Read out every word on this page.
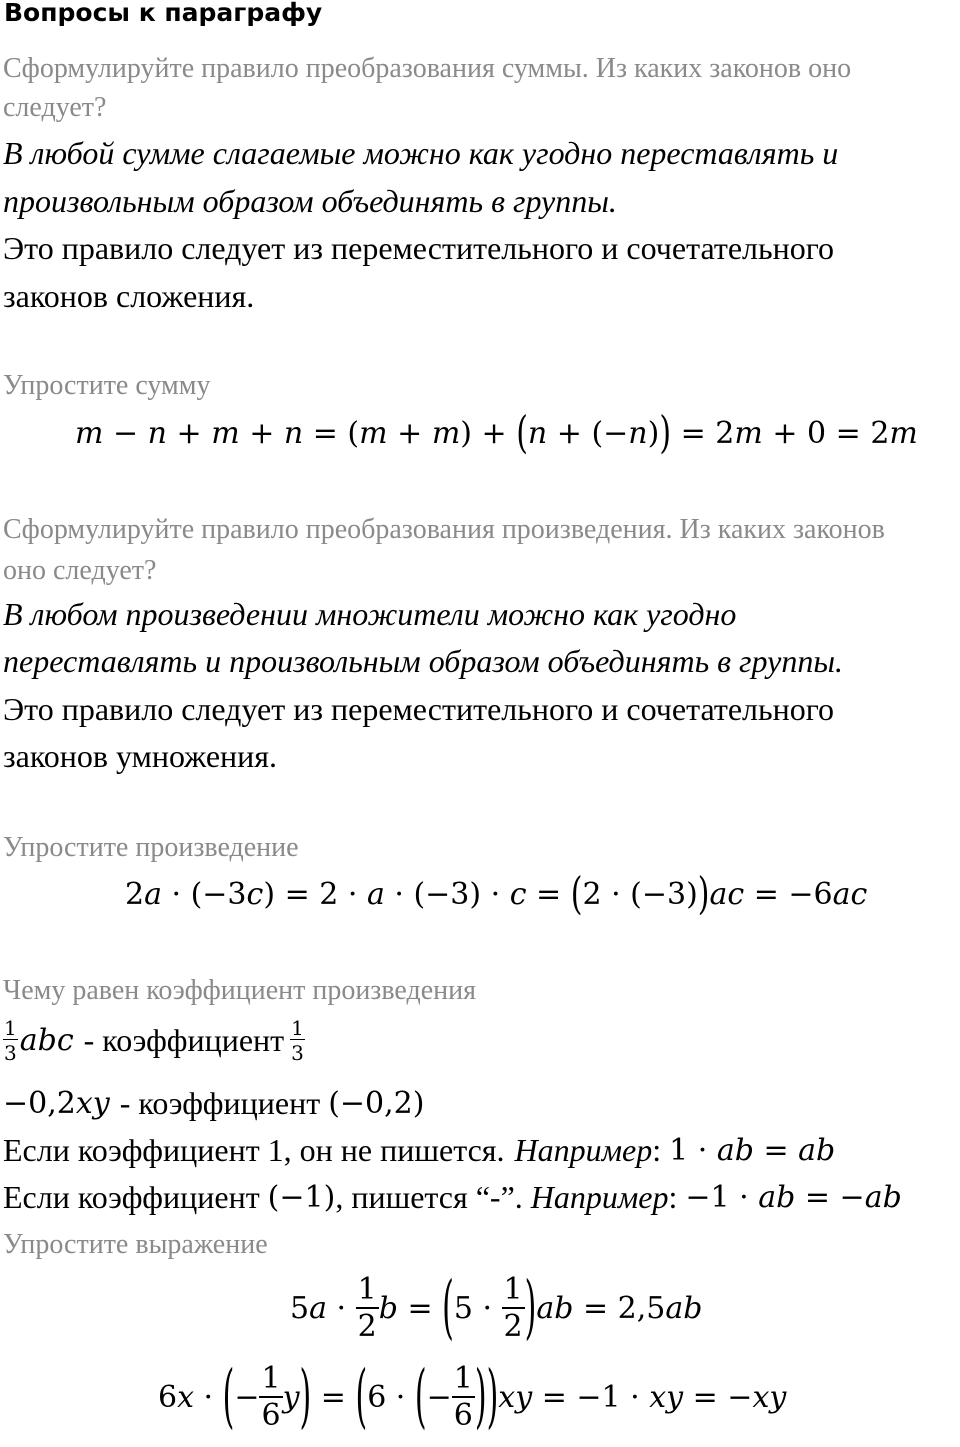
Вопросы к параграфу
Сформулируйте правило преобразования суммы. Из каких законов оно
следует?
В любой сумме слагаемые можно как угодно переставлять и
произвольным образом объединять в группы.
Это правило следует из переместительного и сочетательного
законов сложения.
Упростите сумму
m − n + m + n = ( m + m ) + ( n + (− n ) ) = 2 m + 0 = 2 m
Сформулируйте правило преобразования произведения. Из каких законов
оно следует?
В любом произведении множители можно как угодно
переставлять и произвольным образом объединять в группы.
Это правило следует из переместительного и сочетательного
законов умножения.
Упростите произведение
2 a · (−3 c ) = 2 · a · (−3) · c = ( 2 · (−3) ) ac = −6 ac
Чему равен коэффициент произведения
$\frac{1}{3}$ abc - коэффициент $\frac{1}{3}$
−0,2xy - коэффициент (−0,2)
Если коэффициент 1, он не пишется. Например : 1 · ab = ab
Если коэффициент (−1) , пишется “-”. Например : −1 · ab = −ab
Упростите выражение
5 $a \cdot \frac{1}{2}$ b = ( $5 \cdot \frac{1}{2}$ ) ab = 2,5 ab
6 x · ( − $\frac{1}{6}$ y ) = ( 6 · ( − $\frac{1}{6}$ ) ) xy = −1 · xy = − xy
